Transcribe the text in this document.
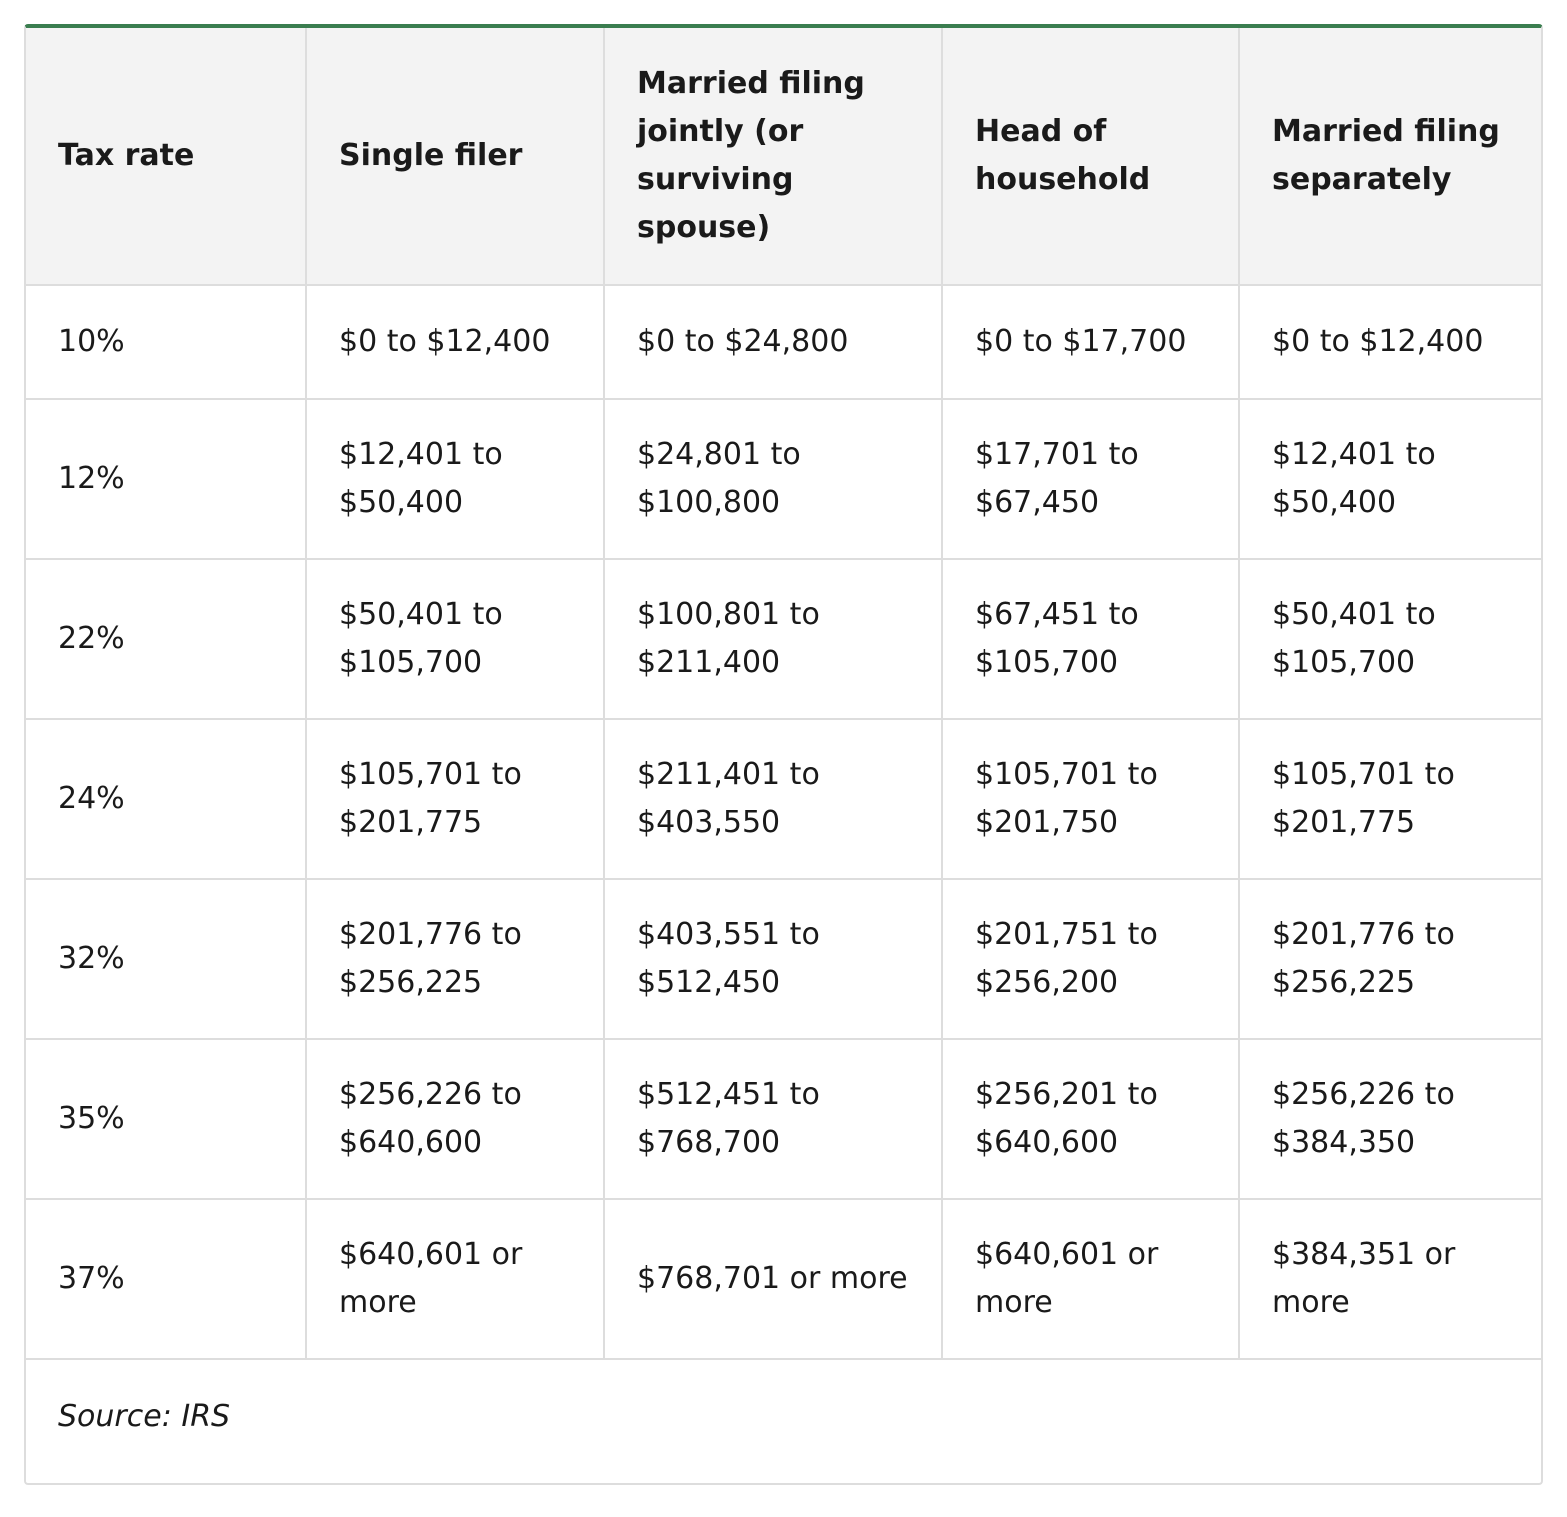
Tax rate	Single filer	Married filing jointly (or surviving spouse)	Head of household	Married filing separately
10%	$0 to $12,400	$0 to $24,800	$0 to $17,700	$0 to $12,400
12%	$12,401 to $50,400	$24,801 to $100,800	$17,701 to $67,450	$12,401 to $50,400
22%	$50,401 to $105,700	$100,801 to $211,400	$67,451 to $105,700	$50,401 to $105,700
24%	$105,701 to $201,775	$211,401 to $403,550	$105,701 to $201,750	$105,701 to $201,775
32%	$201,776 to $256,225	$403,551 to $512,450	$201,751 to $256,200	$201,776 to $256,225
35%	$256,226 to $640,600	$512,451 to $768,700	$256,201 to $640,600	$256,226 to $384,350
37%	$640,601 or more	$768,701 or more	$640,601 or more	$384,351 or more
Source: IRS				
